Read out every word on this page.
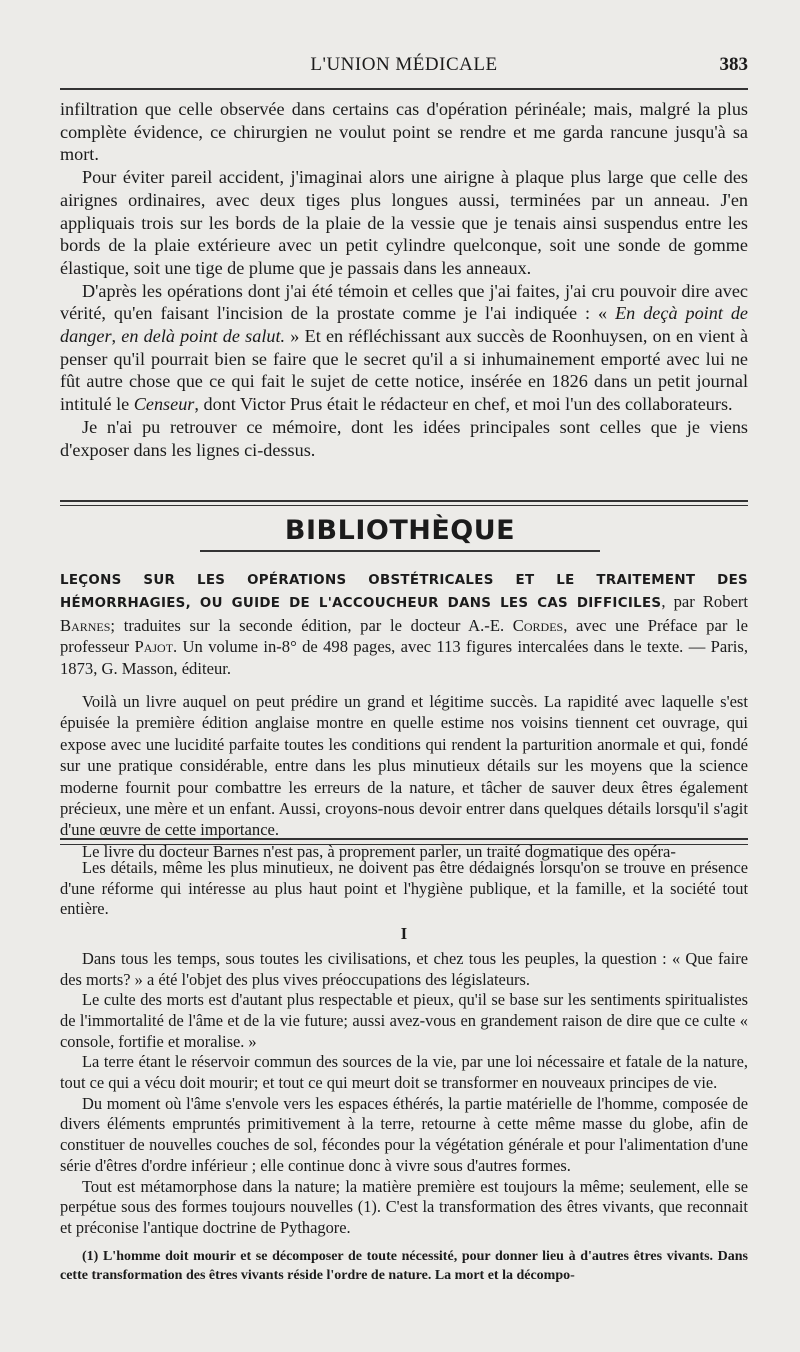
L'UNION MÉDICALE	383

infiltration que celle observée dans certains cas d'opération périnéale; mais, malgré la plus complète évidence, ce chirurgien ne voulut point se rendre et me garda rancune jusqu'à sa mort.

Pour éviter pareil accident, j'imaginai alors une airigne à plaque plus large que celle des airignes ordinaires, avec deux tiges plus longues aussi, terminées par un anneau. J'en appliquais trois sur les bords de la plaie de la vessie que je tenais ainsi suspendus entre les bords de la plaie extérieure avec un petit cylindre quelconque, soit une sonde de gomme élastique, soit une tige de plume que je passais dans les anneaux.

D'après les opérations dont j'ai été témoin et celles que j'ai faites, j'ai cru pouvoir dire avec vérité, qu'en faisant l'incision de la prostate comme je l'ai indiquée : « En deçà point de danger, en delà point de salut. » Et en réfléchissant aux succès de Roonhuysen, on en vient à penser qu'il pourrait bien se faire que le secret qu'il a si inhumainement emporté avec lui ne fût autre chose que ce qui fait le sujet de cette notice, insérée en 1826 dans un petit journal intitulé le Censeur, dont Victor Prus était le rédacteur en chef, et moi l'un des collaborateurs.

Je n'ai pu retrouver ce mémoire, dont les idées principales sont celles que je viens d'exposer dans les lignes ci-dessus.

BIBLIOTHÈQUE

LEÇONS SUR LES OPÉRATIONS OBSTÉTRICALES ET LE TRAITEMENT DES HÉMORRHAGIES, OU GUIDE DE L'ACCOUCHEUR DANS LES CAS DIFFICILES, par Robert Barnes; traduites sur la seconde édition, par le docteur A.-E. Cordes, avec une Préface par le professeur Pajot. Un volume in-8° de 498 pages, avec 113 figures intercalées dans le texte. — Paris, 1873, G. Masson, éditeur.

Voilà un livre auquel on peut prédire un grand et légitime succès. La rapidité avec laquelle s'est épuisée la première édition anglaise montre en quelle estime nos voisins tiennent cet ouvrage, qui expose avec une lucidité parfaite toutes les conditions qui rendent la parturition anormale et qui, fondé sur une pratique considérable, entre dans les plus minutieux détails sur les moyens que la science moderne fournit pour combattre les erreurs de la nature, et tâcher de sauver deux êtres également précieux, une mère et un enfant. Aussi, croyons-nous devoir entrer dans quelques détails lorsqu'il s'agit d'une œuvre de cette importance.

Le livre du docteur Barnes n'est pas, à proprement parler, un traité dogmatique des opéra-

Les détails, même les plus minutieux, ne doivent pas être dédaignés lorsqu'on se trouve en présence d'une réforme qui intéresse au plus haut point et l'hygiène publique, et la famille, et la société tout entière.

I

Dans tous les temps, sous toutes les civilisations, et chez tous les peuples, la question : « Que faire des morts? » a été l'objet des plus vives préoccupations des législateurs.

Le culte des morts est d'autant plus respectable et pieux, qu'il se base sur les sentiments spiritualistes de l'immortalité de l'âme et de la vie future; aussi avez-vous en grandement raison de dire que ce culte « console, fortifie et moralise. »

La terre étant le réservoir commun des sources de la vie, par une loi nécessaire et fatale de la nature, tout ce qui a vécu doit mourir; et tout ce qui meurt doit se transformer en nouveaux principes de vie.

Du moment où l'âme s'envole vers les espaces éthérés, la partie matérielle de l'homme, composée de divers éléments empruntés primitivement à la terre, retourne à cette même masse du globe, afin de constituer de nouvelles couches de sol, fécondes pour la végétation générale et pour l'alimentation d'une série d'êtres d'ordre inférieur ; elle continue donc à vivre sous d'autres formes.

Tout est métamorphose dans la nature; la matière première est toujours la même; seulement, elle se perpétue sous des formes toujours nouvelles (1). C'est la transformation des êtres vivants, que reconnait et préconise l'antique doctrine de Pythagore.

(1) L'homme doit mourir et se décomposer de toute nécessité, pour donner lieu à d'autres êtres vivants. Dans cette transformation des êtres vivants réside l'ordre de nature. La mort et la décompo-
